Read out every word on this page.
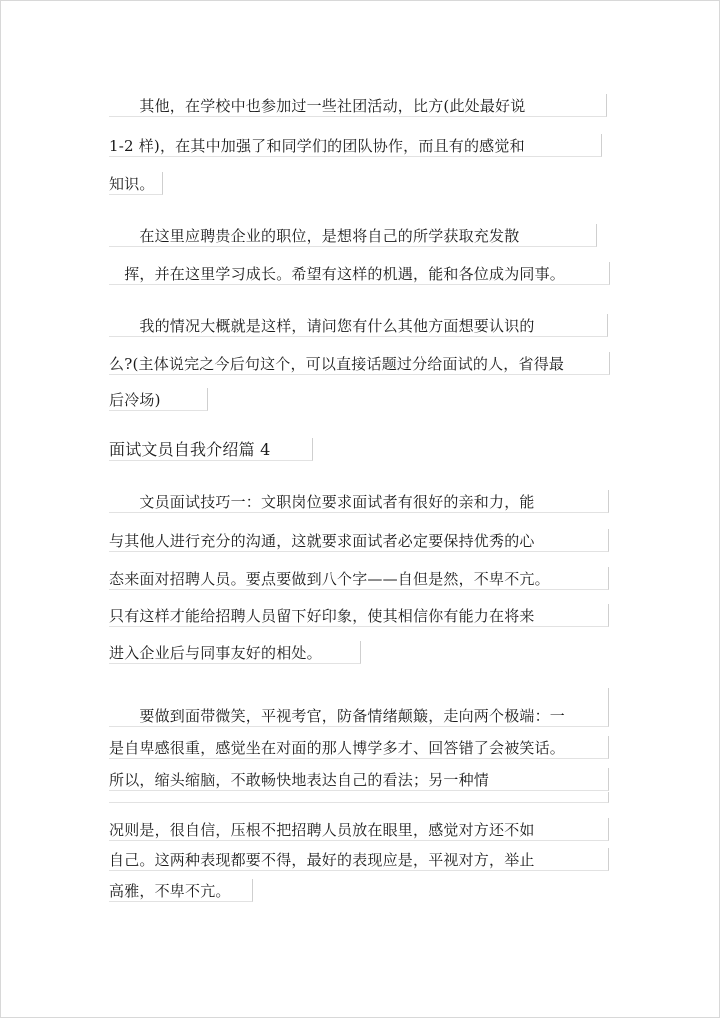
　　其他，在学校中也参加过一些社团活动，比方(此处最好说

1-2 样)，在其中加强了和同学们的团队协作，而且有的感觉和

知识。

　　在这里应聘贵企业的职位，是想将自己的所学获取充发散

　挥，并在这里学习成长。希望有这样的机遇，能和各位成为同事。

　　我的情况大概就是这样，请问您有什么其他方面想要认识的

么?(主体说完之今后句这个，可以直接话题过分给面试的人，省得最

后冷场)

面试文员自我介绍篇 4

　　文员面试技巧一：文职岗位要求面试者有很好的亲和力，能

与其他人进行充分的沟通，这就要求面试者必定要保持优秀的心

态来面对招聘人员。要点要做到八个字——自但是然，不卑不亢。

只有这样才能给招聘人员留下好印象，使其相信你有能力在将来

进入企业后与同事友好的相处。

　　要做到面带微笑，平视考官，防备情绪颠簸，走向两个极端：一

是自卑感很重，感觉坐在对面的那人博学多才、回答错了会被笑话。

所以，缩头缩脑，不敢畅快地表达自己的看法；另一种情

况则是，很自信，压根不把招聘人员放在眼里，感觉对方还不如

自己。这两种表现都要不得，最好的表现应是，平视对方，举止

高雅，不卑不亢。
